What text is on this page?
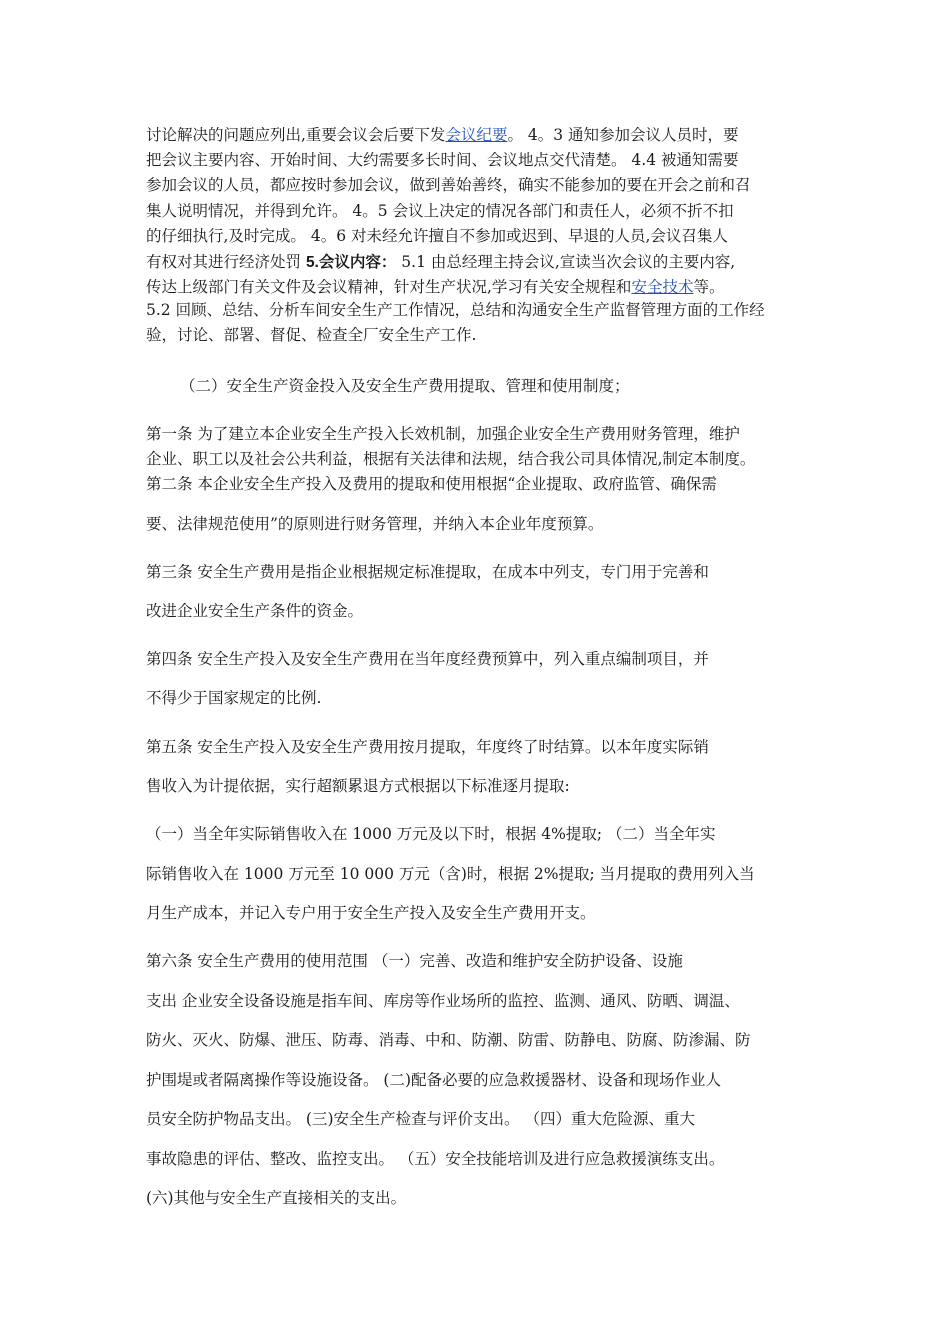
讨论解决的问题应列出,重要会议会后要下发会议纪要。 4。3 通知参加会议人员时，要
把会议主要内容、开始时间、大约需要多长时间、会议地点交代清楚。 4.4 被通知需要
参加会议的人员，都应按时参加会议，做到善始善终，确实不能参加的要在开会之前和召
集人说明情况，并得到允许。 4。5 会议上决定的情况各部门和责任人，必须不折不扣
的仔细执行,及时完成。 4。6 对未经允许擅自不参加或迟到、早退的人员,会议召集人
有权对其进行经济处罚 5.会议内容： 5.1 由总经理主持会议,宣读当次会议的主要内容,
传达上级部门有关文件及会议精神，针对生产状况,学习有关安全规程和安全技术等。
5.2 回顾、总结、分析车间安全生产工作情况，总结和沟通安全生产监督管理方面的工作经
验，讨论、部署、督促、检查全厂安全生产工作.
（二）安全生产资金投入及安全生产费用提取、管理和使用制度；
第一条 为了建立本企业安全生产投入长效机制，加强企业安全生产费用财务管理，维护
企业、职工以及社会公共利益，根据有关法律和法规，结合我公司具体情况,制定本制度。
第二条 本企业安全生产投入及费用的提取和使用根据“企业提取、政府监管、确保需
要、法律规范使用”的原则进行财务管理，并纳入本企业年度预算。
第三条 安全生产费用是指企业根据规定标准提取，在成本中列支，专门用于完善和
改进企业安全生产条件的资金。
第四条 安全生产投入及安全生产费用在当年度经费预算中，列入重点编制项目，并
不得少于国家规定的比例.
第五条 安全生产投入及安全生产费用按月提取，年度终了时结算。以本年度实际销
售收入为计提依据，实行超额累退方式根据以下标准逐月提取:
（一）当全年实际销售收入在 1000 万元及以下时，根据 4%提取; （二）当全年实
际销售收入在 1000 万元至 10 000 万元（含)时，根据 2%提取; 当月提取的费用列入当
月生产成本，并记入专户用于安全生产投入及安全生产费用开支。
第六条 安全生产费用的使用范围 （一）完善、改造和维护安全防护设备、设施
支出 企业安全设备设施是指车间、库房等作业场所的监控、监测、通风、防晒、调温、
防火、灭火、防爆、泄压、防毒、消毒、中和、防潮、防雷、防静电、防腐、防渗漏、防
护围堤或者隔离操作等设施设备。 (二)配备必要的应急救援器材、设备和现场作业人
员安全防护物品支出。 (三)安全生产检查与评价支出。 （四）重大危险源、重大
事故隐患的评估、整改、监控支出。 （五）安全技能培训及进行应急救援演练支出。
(六)其他与安全生产直接相关的支出。
